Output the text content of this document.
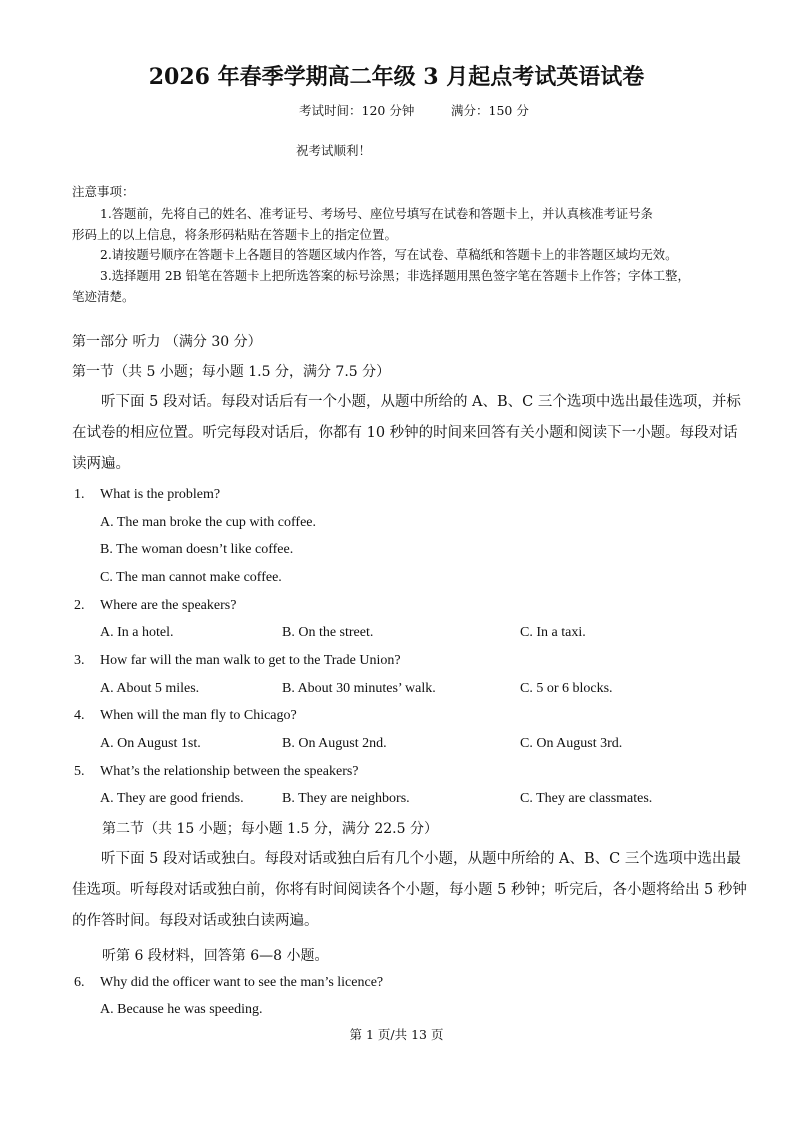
2026 年春季学期高二年级 3 月起点考试英语试卷
考试时间：120 分钟	满分：150 分
祝考试顺利！
注意事项：
1.答题前，先将自己的姓名、准考证号、考场号、座位号填写在试卷和答题卡上，并认真核准考证号条
形码上的以上信息，将条形码粘贴在答题卡上的指定位置。
2.请按题号顺序在答题卡上各题目的答题区域内作答，写在试卷、草稿纸和答题卡上的非答题区域均无效。
3.选择题用 2B 铅笔在答题卡上把所选答案的标号涂黑；非选择题用黑色签字笔在答题卡上作答；字体工整，
笔迹清楚。
第一部分 听力 （满分 30 分）
第一节（共 5 小题；每小题 1.5 分，满分 7.5 分）
听下面 5 段对话。每段对话后有一个小题，从题中所给的 A、B、C 三个选项中选出最佳选项，并标在试卷的相应位置。听完每段对话后，你都有 10 秒钟的时间来回答有关小题和阅读下一小题。每段对话读两遍。
1. What is the problem?
A. The man broke the cup with coffee.
B. The woman doesn’t like coffee.
C. The man cannot make coffee.
2. Where are the speakers?
A. In a hotel.	B. On the street.	C. In a taxi.
3. How far will the man walk to get to the Trade Union?
A. About 5 miles.	B. About 30 minutes’ walk.	C. 5 or 6 blocks.
4. When will the man fly to Chicago?
A. On August 1st.	B. On August 2nd.	C. On August 3rd.
5. What’s the relationship between the speakers?
A. They are good friends.	B. They are neighbors.	C. They are classmates.
第二节（共 15 小题；每小题 1.5 分，满分 22.5 分）
听下面 5 段对话或独白。每段对话或独白后有几个小题，从题中所给的 A、B、C 三个选项中选出最佳选项。听每段对话或独白前，你将有时间阅读各个小题，每小题 5 秒钟；听完后，各小题将给出 5 秒钟的作答时间。每段对话或独白读两遍。
听第 6 段材料，回答第 6—8 小题。
6. Why did the officer want to see the man’s licence?
A. Because he was speeding.
第 1 页/共 13 页
